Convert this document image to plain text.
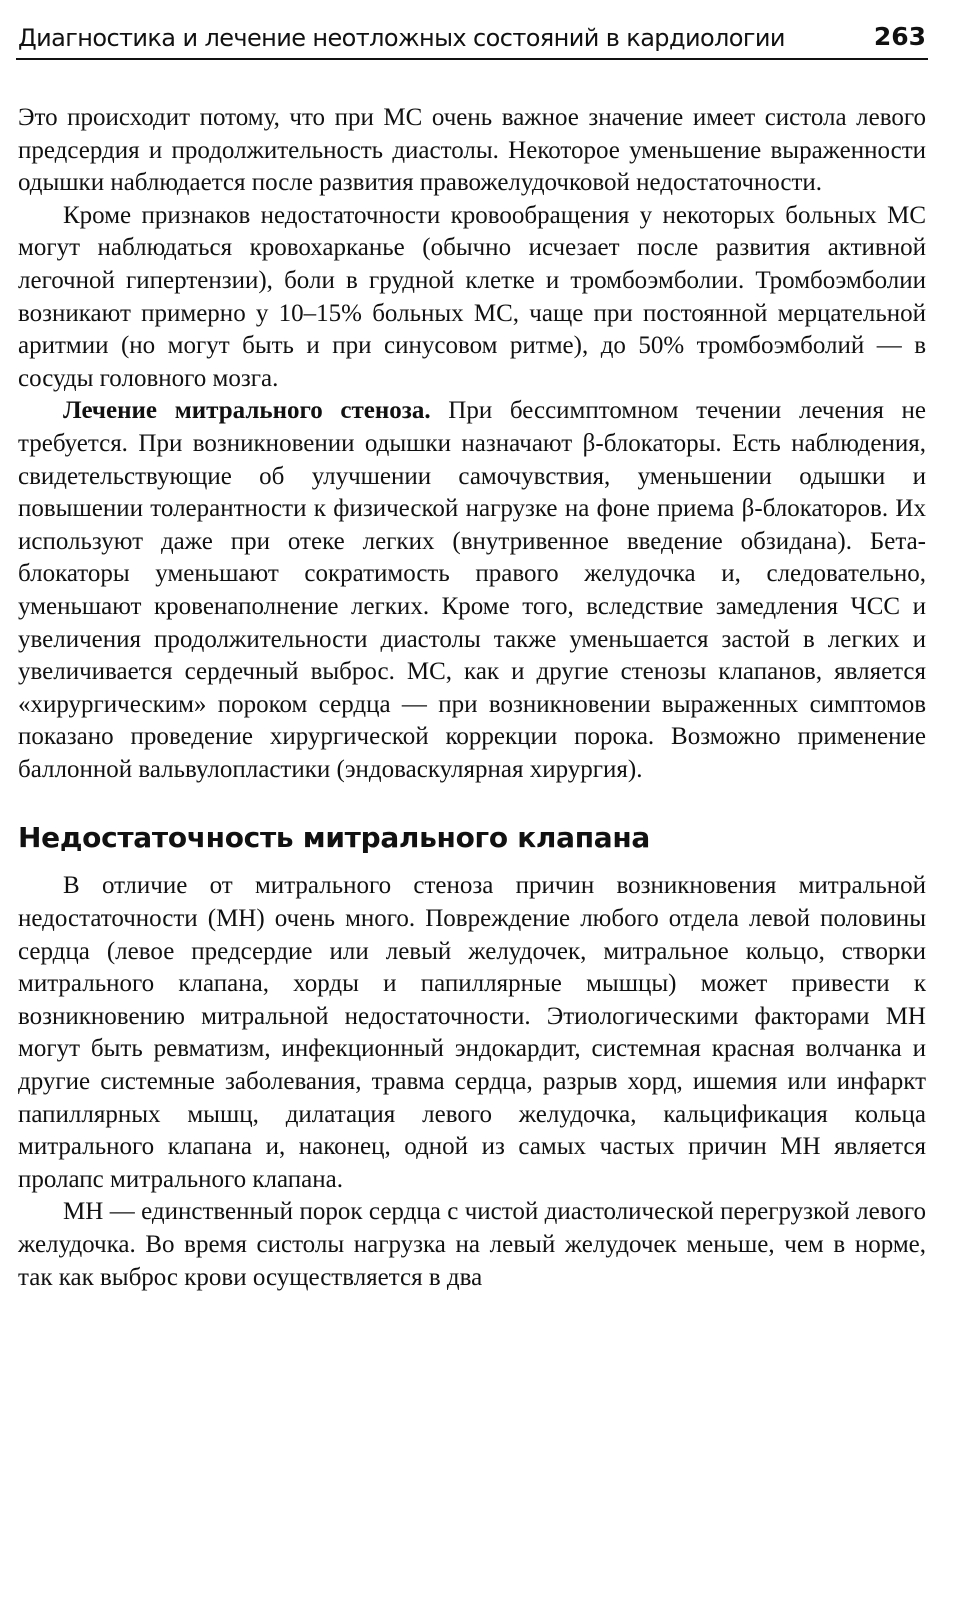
Диагностика и лечение неотложных состояний в кардиологии	263

Это происходит потому, что при МС очень важное значение имеет систола левого предсердия и продолжительность диастолы. Некоторое уменьшение выраженности одышки наблюдается после развития правожелудочковой недостаточности.

Кроме признаков недостаточности кровообращения у некоторых больных МС могут наблюдаться кровохарканье (обычно исчезает после развития активной легочной гипертензии), боли в грудной клетке и тромбоэмболии. Тромбоэмболии возникают примерно у 10–15% больных МС, чаще при постоянной мерцательной аритмии (но могут быть и при синусовом ритме), до 50% тромбоэмболий — в сосуды головного мозга.

Лечение митрального стеноза. При бессимптомном течении лечения не требуется. При возникновении одышки назначают β-блокаторы. Есть наблюдения, свидетельствующие об улучшении самочувствия, уменьшении одышки и повышении толерантности к физической нагрузке на фоне приема β-блокаторов. Их используют даже при отеке легких (внутривенное введение обзидана). Бета-блокаторы уменьшают сократимость правого желудочка и, следовательно, уменьшают кровенаполнение легких. Кроме того, вследствие замедления ЧСС и увеличения продолжительности диастолы также уменьшается застой в легких и увеличивается сердечный выброс. МС, как и другие стенозы клапанов, является «хирургическим» пороком сердца — при возникновении выраженных симптомов показано проведение хирургической коррекции порока. Возможно применение баллонной вальвулопластики (эндоваскулярная хирургия).

Недостаточность митрального клапана

В отличие от митрального стеноза причин возникновения митральной недостаточности (МН) очень много. Повреждение любого отдела левой половины сердца (левое предсердие или левый желудочек, митральное кольцо, створки митрального клапана, хорды и папиллярные мышцы) может привести к возникновению митральной недостаточности. Этиологическими факторами МН могут быть ревматизм, инфекционный эндокардит, системная красная волчанка и другие системные заболевания, травма сердца, разрыв хорд, ишемия или инфаркт папиллярных мышц, дилатация левого желудочка, кальцификация кольца митрального клапана и, наконец, одной из самых частых причин МН является пролапс митрального клапана.

МН — единственный порок сердца с чистой диастолической перегрузкой левого желудочка. Во время систолы нагрузка на левый желудочек меньше, чем в норме, так как выброс крови осуществляется в два
